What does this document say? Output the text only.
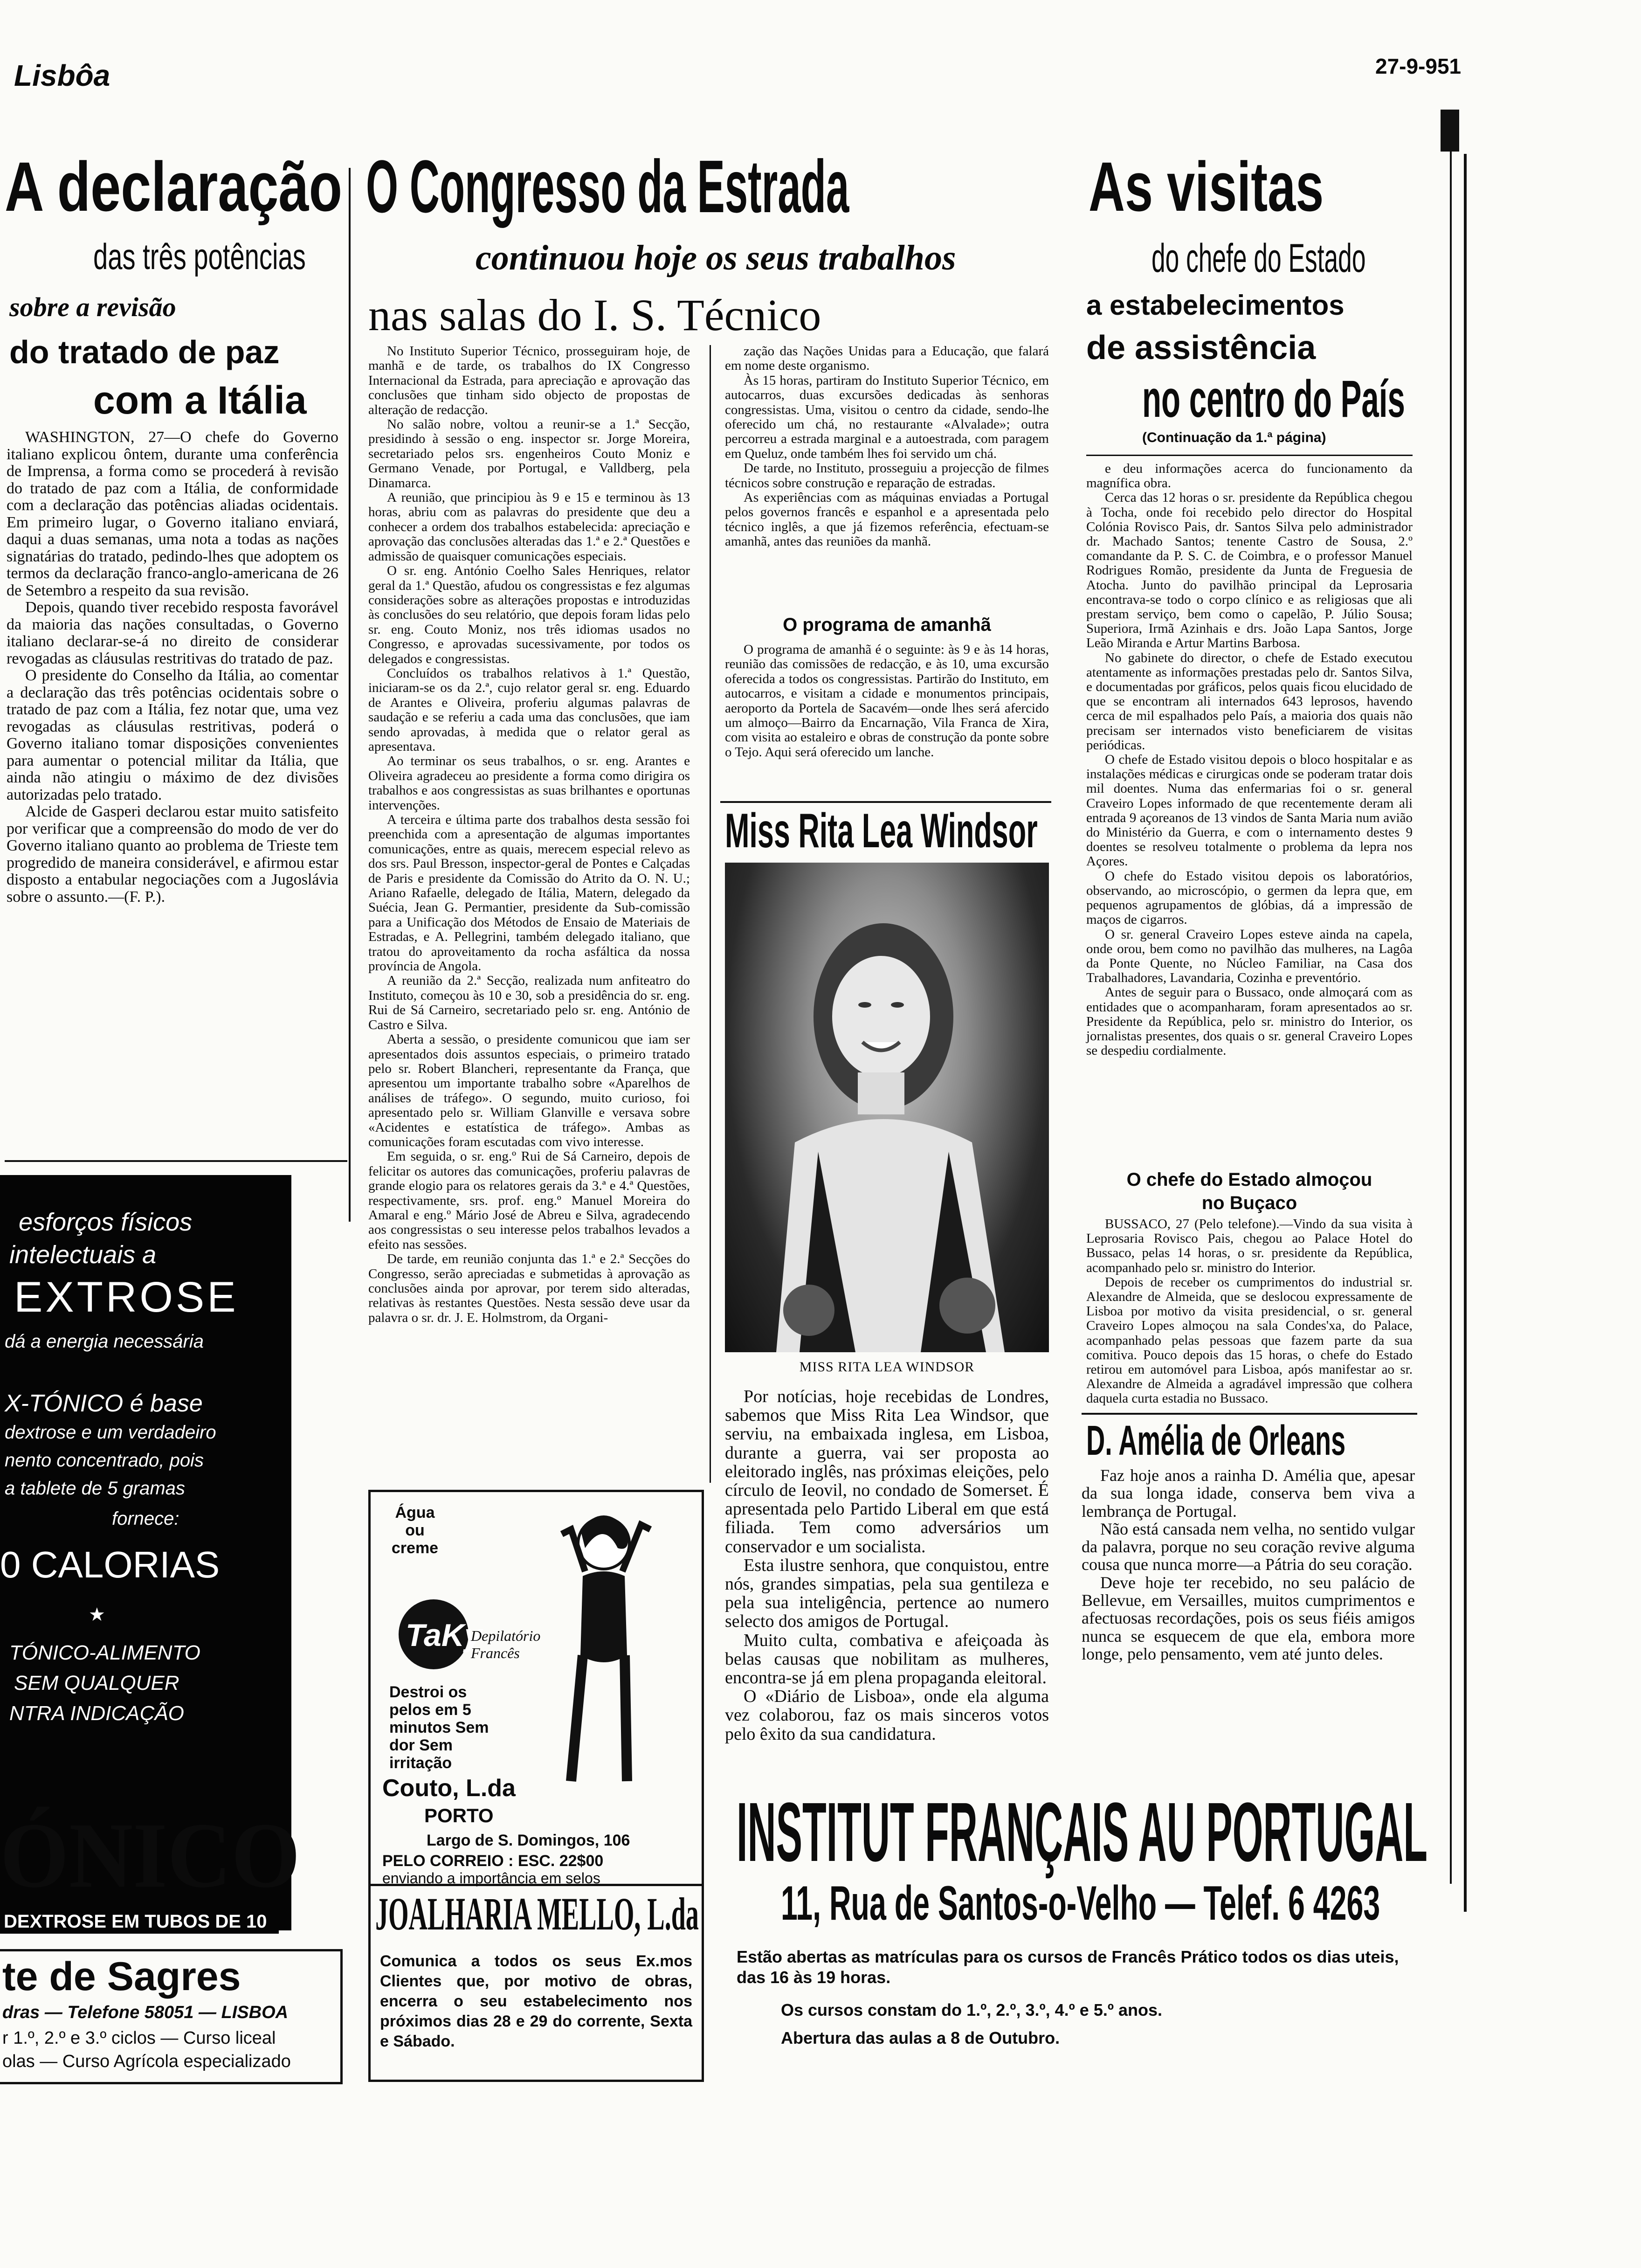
Lisbôa	27-9-951
A declaração
das três potências
sobre a revisão
do tratado de paz
com a Itália

WASHINGTON, 27—O chefe do Governo italiano explicou ôntem, durante uma conferência de Imprensa, a forma como se procederá à revisão do tratado de paz com a Itália, de conformidade com a declaração das potências aliadas ocidentais. Em primeiro lugar, o Governo italiano enviará, daqui a duas semanas, uma nota a todas as nações signatárias do tratado, pedindo-lhes que adoptem os termos da declaração franco-anglo-americana de 26 de Setembro a respeito da sua revisão.

Depois, quando tiver recebido resposta favorável da maioria das nações consultadas, o Governo italiano declarar-se-á no direito de considerar revogadas as cláusulas restritivas do tratado de paz.

O presidente do Conselho da Itália, ao comentar a declaração das três potências ocidentais sobre o tratado de paz com a Itália, fez notar que, uma vez revogadas as cláusulas restritivas, poderá o Governo italiano tomar disposições convenientes para aumentar o potencial militar da Itália, que ainda não atingiu o máximo de dez divisões autorizadas pelo tratado.

Alcide de Gasperi declarou estar muito satisfeito por verificar que a compreensão do modo de ver do Governo italiano quanto ao problema de Trieste tem progredido de maneira considerável, e afirmou estar disposto a entabular negociações com a Jugoslávia sobre o assunto.—(F. P.).

esforços físicos
intelectuais a
EXTROSE
dá a energia necessária
X-TÓNICO é base
dextrose e um verdadeiro
nento concentrado, pois
a tablete de 5 gramas
fornece:
0 CALORIAS
★
TÓNICO-ALIMENTO
SEM QUALQUER
NTRA INDICAÇÃO
ÓNICO
DEXTROSE EM TUBOS DE 10
te de Sagres
dras — Telefone 58051 — LISBOA
r 1.º, 2.º e 3.º ciclos — Curso liceal
olas — Curso Agrícola especializado
O Congresso da Estrada
continuou hoje os seus trabalhos
nas salas do I. S. Técnico

No Instituto Superior Técnico, prosseguiram hoje, de manhã e de tarde, os trabalhos do IX Congresso Internacional da Estrada, para apreciação e aprovação das conclusões que tinham sido objecto de propostas de alteração de redacção.

No salão nobre, voltou a reunir-se a 1.ª Secção, presidindo à sessão o eng. inspector sr. Jorge Moreira, secretariado pelos srs. engenheiros Couto Moniz e Germano Venade, por Portugal, e Valldberg, pela Dinamarca.

A reunião, que principiou às 9 e 15 e terminou às 13 horas, abriu com as palavras do presidente que deu a conhecer a ordem dos trabalhos estabelecida: apreciação e aprovação das conclusões alteradas das 1.ª e 2.ª Questões e admissão de quaisquer comunicações especiais.

O sr. eng. António Coelho Sales Henriques, relator geral da 1.ª Questão, afudou os congressistas e fez algumas considerações sobre as alterações propostas e introduzidas às conclusões do seu relatório, que depois foram lidas pelo sr. eng. Couto Moniz, nos três idiomas usados no Congresso, e aprovadas sucessivamente, por todos os delegados e congressistas.

Concluídos os trabalhos relativos à 1.ª Questão, iniciaram-se os da 2.ª, cujo relator geral sr. eng. Eduardo de Arantes e Oliveira, proferiu algumas palavras de saudação e se referiu a cada uma das conclusões, que iam sendo aprovadas, à medida que o relator geral as apresentava.

Ao terminar os seus trabalhos, o sr. eng. Arantes e Oliveira agradeceu ao presidente a forma como dirigira os trabalhos e aos congressistas as suas brilhantes e oportunas intervenções.

A terceira e última parte dos trabalhos desta sessão foi preenchida com a apresentação de algumas importantes comunicações, entre as quais, merecem especial relevo as dos srs. Paul Bresson, inspector-geral de Pontes e Calçadas de Paris e presidente da Comissão do Atrito da O. N. U.; Ariano Rafaelle, delegado de Itália, Matern, delegado da Suécia, Jean G. Permantier, presidente da Sub-comissão para a Unificação dos Métodos de Ensaio de Materiais de Estradas, e A. Pellegrini, também delegado italiano, que tratou do aproveitamento da rocha asfáltica da nossa província de Angola.

A reunião da 2.ª Secção, realizada num anfiteatro do Instituto, começou às 10 e 30, sob a presidência do sr. eng. Rui de Sá Carneiro, secretariado pelo sr. eng. António de Castro e Silva.

Aberta a sessão, o presidente comunicou que iam ser apresentados dois assuntos especiais, o primeiro tratado pelo sr. Robert Blancheri, representante da França, que apresentou um importante trabalho sobre «Aparelhos de análises de tráfego». O segundo, muito curioso, foi apresentado pelo sr. William Glanville e versava sobre «Acidentes e estatística de tráfego». Ambas as comunicações foram escutadas com vivo interesse.

Em seguida, o sr. eng.º Rui de Sá Carneiro, depois de felicitar os autores das comunicações, proferiu palavras de grande elogio para os relatores gerais da 3.ª e 4.ª Questões, respectivamente, srs. prof. eng.º Manuel Moreira do Amaral e eng.º Mário José de Abreu e Silva, agradecendo aos congressistas o seu interesse pelos trabalhos levados a efeito nas sessões.

De tarde, em reunião conjunta das 1.ª e 2.ª Secções do Congresso, serão apreciadas e submetidas à aprovação as conclusões ainda por aprovar, por terem sido alteradas, relativas às restantes Questões. Nesta sessão deve usar da palavra o sr. dr. J. E. Holmstrom, da Organi-

zação das Nações Unidas para a Educação, que falará em nome deste organismo.

Às 15 horas, partiram do Instituto Superior Técnico, em autocarros, duas excursões dedicadas às senhoras congressistas. Uma, visitou o centro da cidade, sendo-lhe oferecido um chá, no restaurante «Alvalade»; outra percorreu a estrada marginal e a autoestrada, com paragem em Queluz, onde também lhes foi servido um chá.

De tarde, no Instituto, prosseguiu a projecção de filmes técnicos sobre construção e reparação de estradas.

As experiências com as máquinas enviadas a Portugal pelos governos francês e espanhol e a apresentada pelo técnico inglês, a que já fizemos referência, efectuam-se amanhã, antes das reuniões da manhã.

O programa de amanhã

O programa de amanhã é o seguinte: às 9 e às 14 horas, reunião das comissões de redacção, e às 10, uma excursão oferecida a todos os congressistas. Partirão do Instituto, em autocarros, e visitam a cidade e monumentos principais, aeroporto da Portela de Sacavém—onde lhes será afercido um almoço—Bairro da Encarnação, Vila Franca de Xira, com visita ao estaleiro e obras de construção da ponte sobre o Tejo. Aqui será oferecido um lanche.

Miss Rita Lea Windsor
MISS RITA LEA WINDSOR

Por notícias, hoje recebidas de Londres, sabemos que Miss Rita Lea Windsor, que serviu, na embaixada inglesa, em Lisboa, durante a guerra, vai ser proposta ao eleitorado inglês, nas próximas eleições, pelo círculo de Ieovil, no condado de Somerset. É apresentada pelo Partido Liberal em que está filiada. Tem como adversários um conservador e um socialista.

Esta ilustre senhora, que conquistou, entre nós, grandes simpatias, pela sua gentileza e pela sua inteligência, pertence ao numero selecto dos amigos de Portugal.

Muito culta, combativa e afeiçoada às belas causas que nobilitam as mulheres, encontra-se já em plena propaganda eleitoral.

O «Diário de Lisboa», onde ela alguma vez colaborou, faz os mais sinceros votos pelo êxito da sua candidatura.

Água ou creme
TaKy
Depilatório Francês
Destroi os pelos em 5 minutos Sem dor Sem irritação
Couto, L.da
PORTO
Largo de S. Domingos, 106
PELO CORREIO : ESC. 22$00
enviando a importância em selos
JOALHARIA MELLO, L.da
Comunica a todos os seus Ex.mos Clientes que, por motivo de obras, encerra o seu estabelecimento nos próximos dias 28 e 29 do corrente, Sexta e Sábado.
As visitas
do chefe do Estado
a estabelecimentos
de assistência
no centro do País
(Continuação da 1.ª página)

e deu informações acerca do funcionamento da magnífica obra.

Cerca das 12 horas o sr. presidente da República chegou à Tocha, onde foi recebido pelo director do Hospital Colónia Rovisco Pais, dr. Santos Silva pelo administrador dr. Machado Santos; tenente Castro de Sousa, 2.º comandante da P. S. C. de Coimbra, e o professor Manuel Rodrigues Romão, presidente da Junta de Freguesia de Atocha. Junto do pavilhão principal da Leprosaria encontrava-se todo o corpo clínico e as religiosas que ali prestam serviço, bem como o capelão, P. Júlio Sousa; Superiora, Irmã Azinhais e drs. João Lapa Santos, Jorge Leão Miranda e Artur Martins Barbosa.

No gabinete do director, o chefe de Estado executou atentamente as informações prestadas pelo dr. Santos Silva, e documentadas por gráficos, pelos quais ficou elucidado de que se encontram ali internados 643 leprosos, havendo cerca de mil espalhados pelo País, a maioria dos quais não precisam ser internados visto beneficiarem de visitas periódicas.

O chefe de Estado visitou depois o bloco hospitalar e as instalações médicas e cirurgicas onde se poderam tratar dois mil doentes. Numa das enfermarias foi o sr. general Craveiro Lopes informado de que recentemente deram ali entrada 9 açoreanos de 13 vindos de Santa Maria num avião do Ministério da Guerra, e com o internamento destes 9 doentes se resolveu totalmente o problema da lepra nos Açores.

O chefe do Estado visitou depois os laboratórios, observando, ao microscópio, o germen da lepra que, em pequenos agrupamentos de glóbias, dá a impressão de maços de cigarros.

O sr. general Craveiro Lopes esteve ainda na capela, onde orou, bem como no pavilhão das mulheres, na Lagôa da Ponte Quente, no Núcleo Familiar, na Casa dos Trabalhadores, Lavandaria, Cozinha e preventório.

Antes de seguir para o Bussaco, onde almoçará com as entidades que o acompanharam, foram apresentados ao sr. Presidente da República, pelo sr. ministro do Interior, os jornalistas presentes, dos quais o sr. general Craveiro Lopes se despediu cordialmente.

O chefe do Estado almoçou
no Buçaco

BUSSACO, 27 (Pelo telefone).—Vindo da sua visita à Leprosaria Rovisco Pais, chegou ao Palace Hotel do Bussaco, pelas 14 horas, o sr. presidente da República, acompanhado pelo sr. ministro do Interior.

Depois de receber os cumprimentos do industrial sr. Alexandre de Almeida, que se deslocou expressamente de Lisboa por motivo da visita presidencial, o sr. general Craveiro Lopes almoçou na sala Condes'xa, do Palace, acompanhado pelas pessoas que fazem parte da sua comitiva. Pouco depois das 15 horas, o chefe do Estado retirou em automóvel para Lisboa, após manifestar ao sr. Alexandre de Almeida a agradável impressão que colhera daquela curta estadia no Bussaco.

D. Amélia de Orleans

Faz hoje anos a rainha D. Amélia que, apesar da sua longa idade, conserva bem viva a lembrança de Portugal.

Não está cansada nem velha, no sentido vulgar da palavra, porque no seu coração revive alguma cousa que nunca morre—a Pátria do seu coração.

Deve hoje ter recebido, no seu palácio de Bellevue, em Versailles, muitos cumprimentos e afectuosas recordações, pois os seus fiéis amigos nunca se esquecem de que ela, embora more longe, pelo pensamento, vem até junto deles.

INSTITUT FRANÇAIS AU PORTUGAL
11, Rua de Santos-o-Velho — Telef. 6 4263
Estão abertas as matrículas para os cursos de Francês Prático todos os dias uteis, das 16 às 19 horas.
Os cursos constam do 1.º, 2.º, 3.º, 4.º e 5.º anos.
Abertura das aulas a 8 de Outubro.
